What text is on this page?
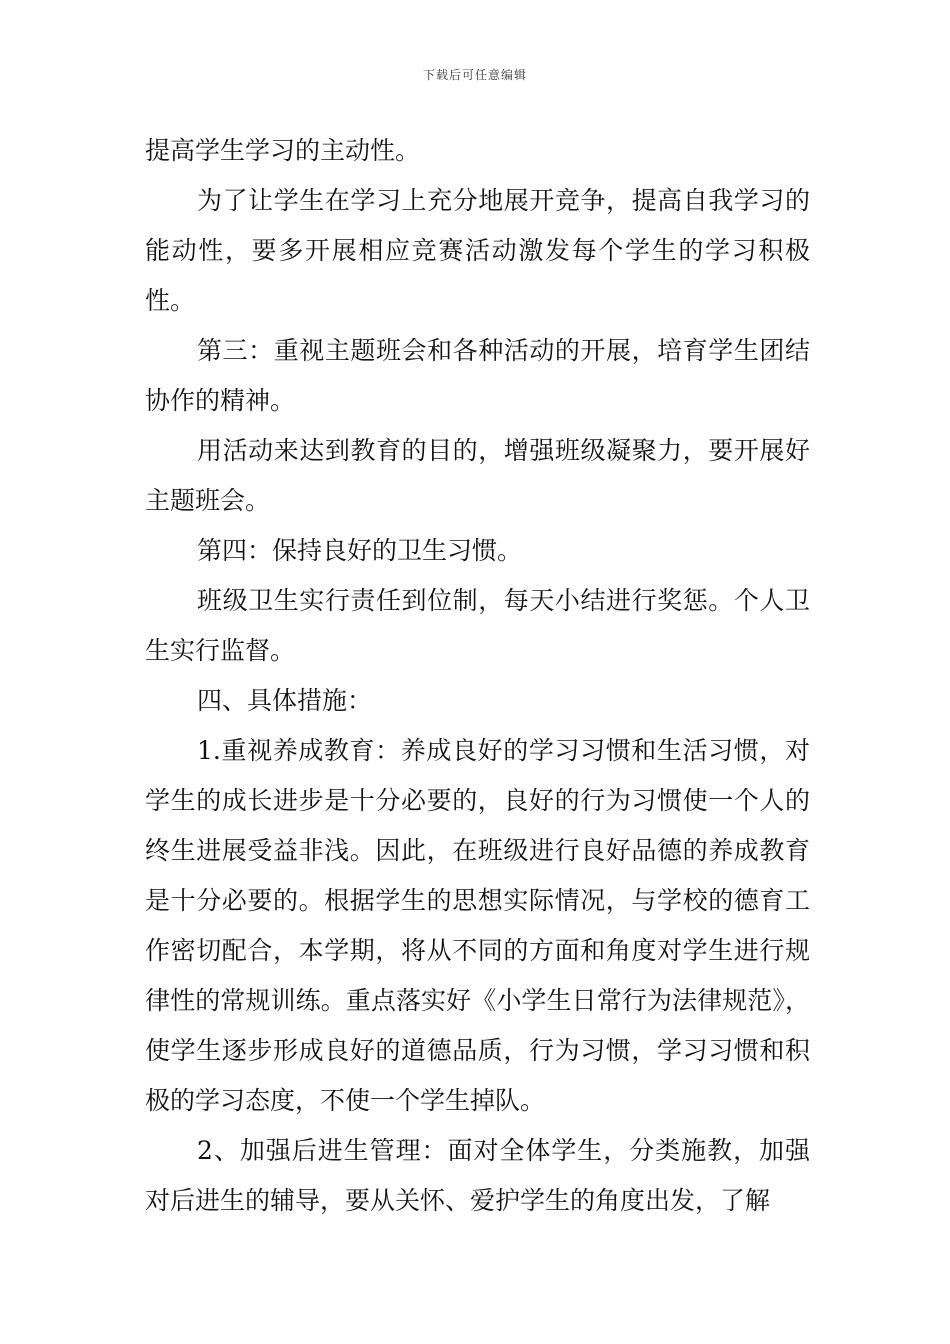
下载后可任意编辑

提高学生学习的主动性。

为了让学生在学习上充分地展开竞争，提高自我学习的能动性，要多开展相应竞赛活动激发每个学生的学习积极性。

第三：重视主题班会和各种活动的开展，培育学生团结协作的精神。

用活动来达到教育的目的，增强班级凝聚力，要开展好主题班会。

第四：保持良好的卫生习惯。

班级卫生实行责任到位制，每天小结进行奖惩。个人卫生实行监督。

四、具体措施：

1.重视养成教育：养成良好的学习习惯和生活习惯，对学生的成长进步是十分必要的，良好的行为习惯使一个人的终生进展受益非浅。因此，在班级进行良好品德的养成教育是十分必要的。根据学生的思想实际情况，与学校的德育工作密切配合，本学期，将从不同的方面和角度对学生进行规律性的常规训练。重点落实好《小学生日常行为法律规范》，使学生逐步形成良好的道德品质，行为习惯，学习习惯和积极的学习态度，不使一个学生掉队。

2、加强后进生管理：面对全体学生，分类施教，加强对后进生的辅导，要从关怀、爱护学生的角度出发，了解
